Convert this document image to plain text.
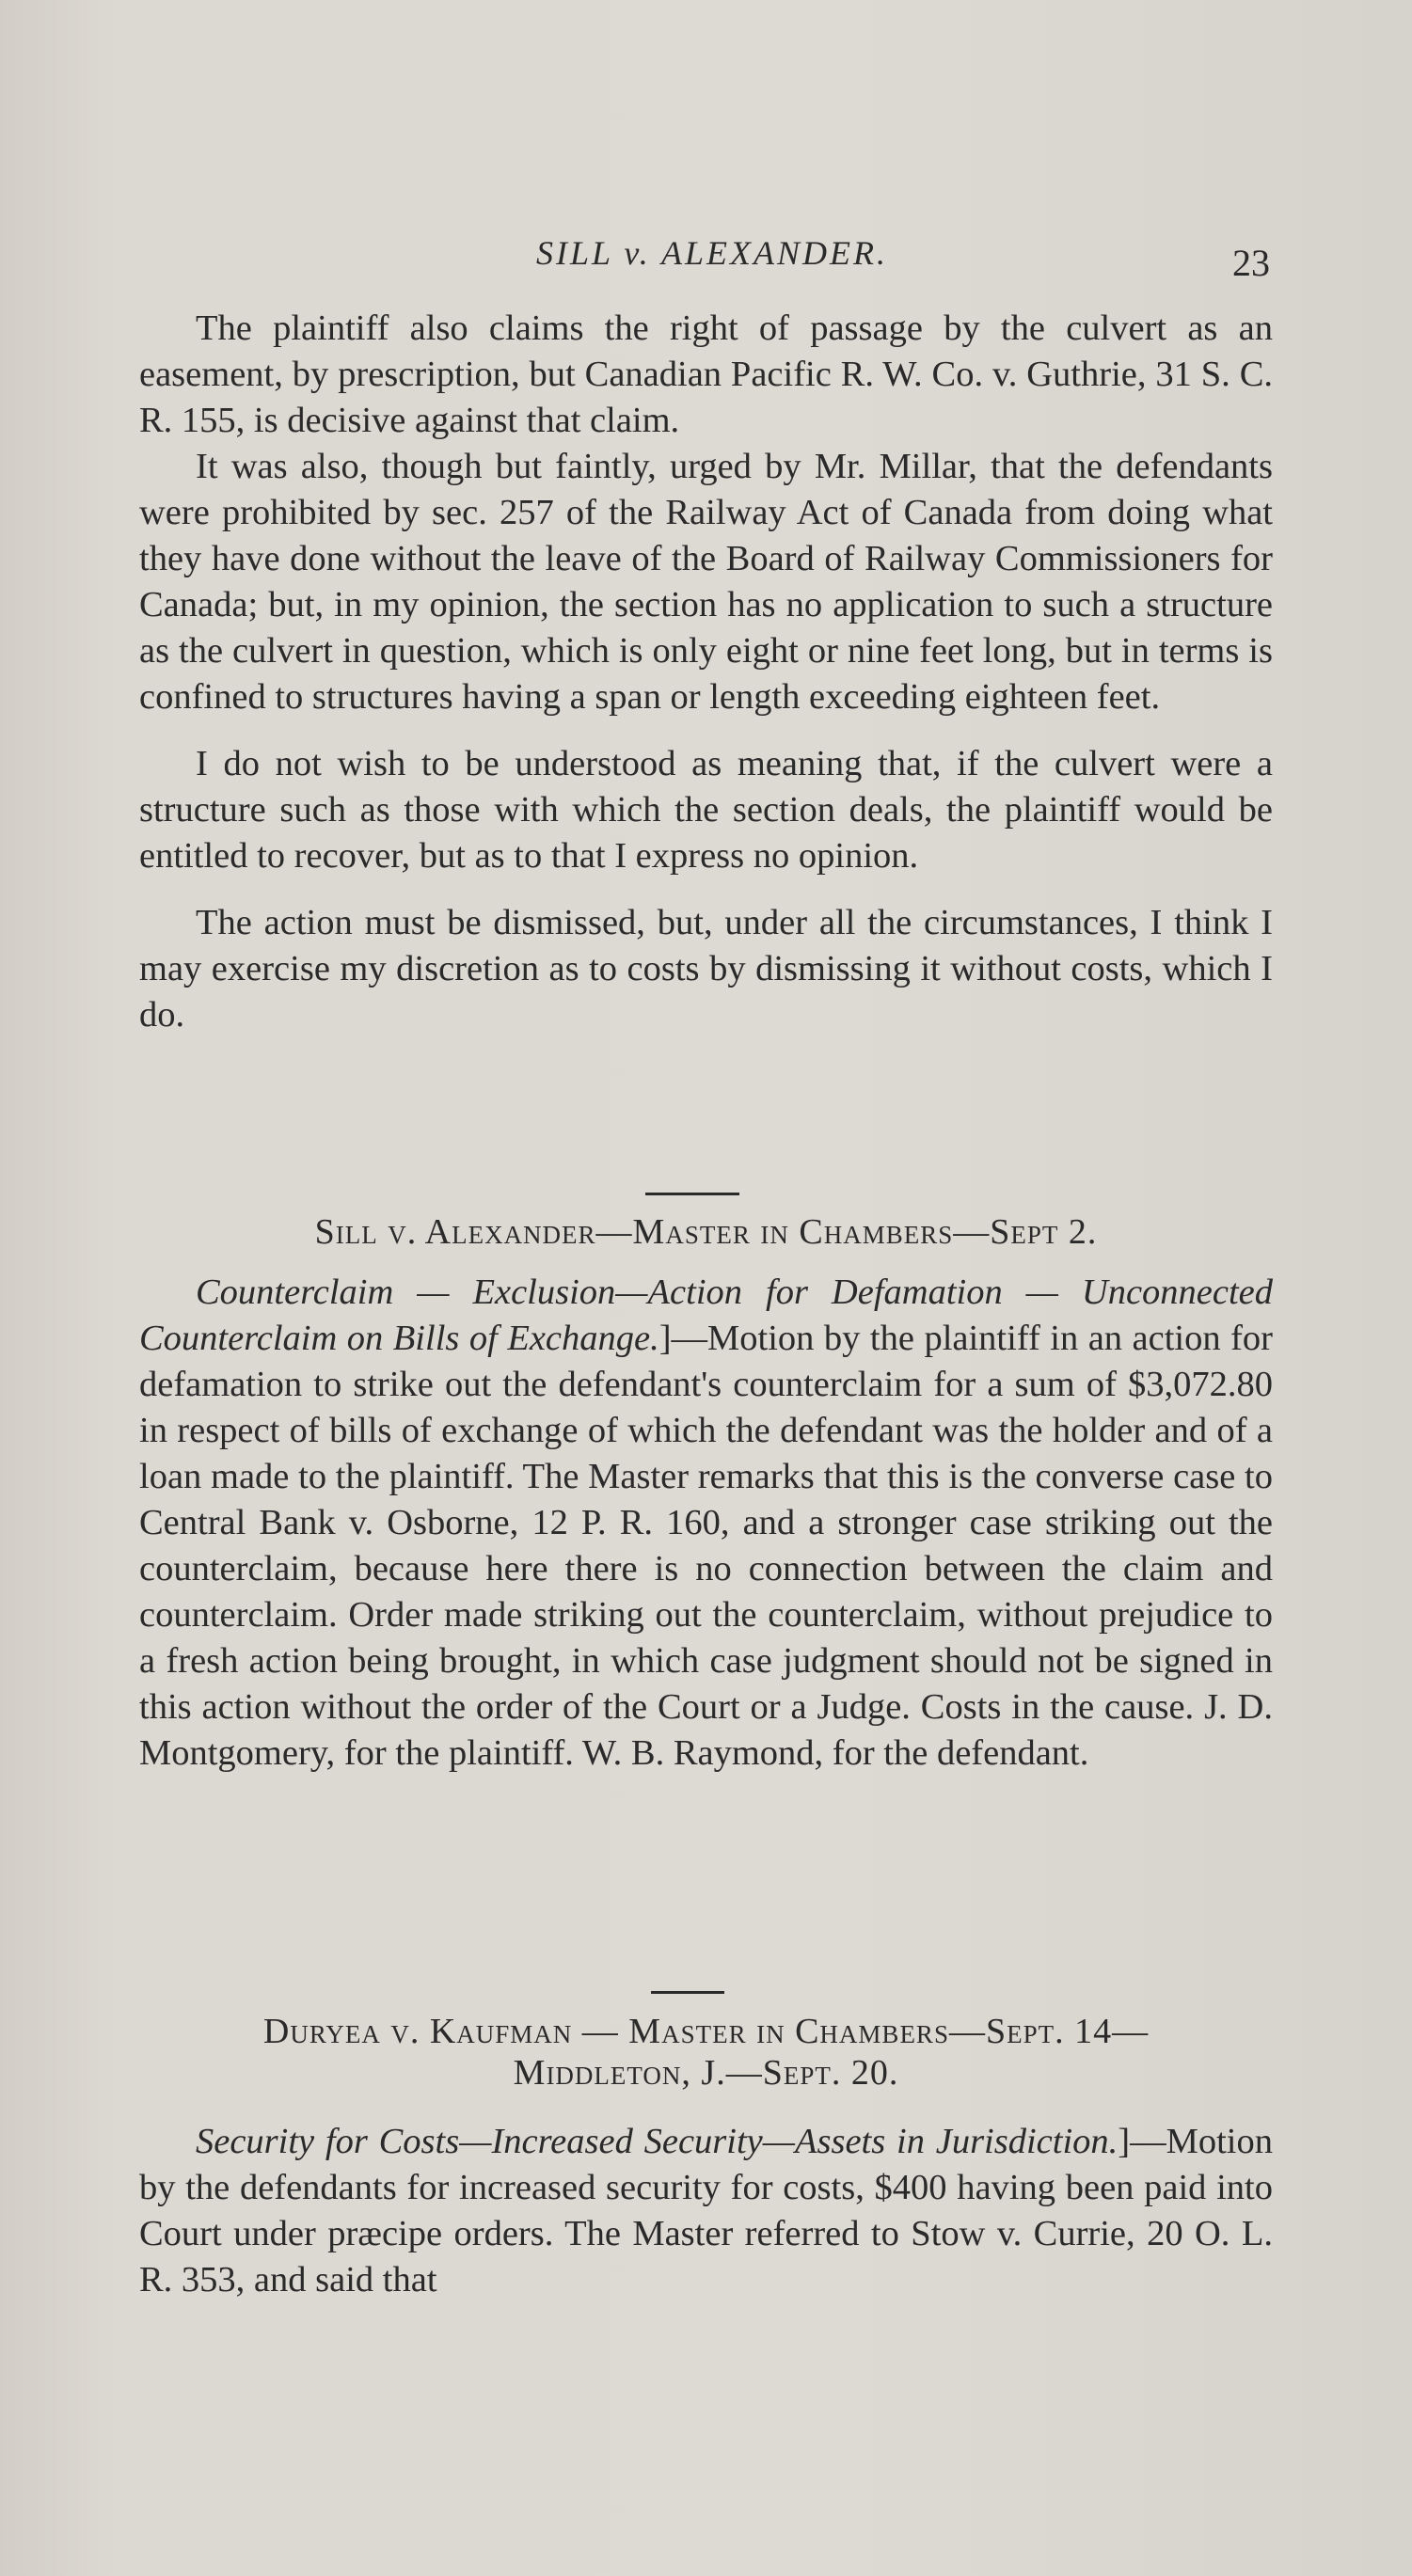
SILL v. ALEXANDER.	23

The plaintiff also claims the right of passage by the culvert as an easement, by prescription, but Canadian Pacific R. W. Co. v. Guthrie, 31 S. C. R. 155, is decisive against that claim.

It was also, though but faintly, urged by Mr. Millar, that the defendants were prohibited by sec. 257 of the Railway Act of Canada from doing what they have done without the leave of the Board of Railway Commissioners for Canada; but, in my opinion, the section has no application to such a structure as the culvert in question, which is only eight or nine feet long, but in terms is confined to structures having a span or length exceeding eighteen feet.

I do not wish to be understood as meaning that, if the culvert were a structure such as those with which the section deals, the plaintiff would be entitled to recover, but as to that I express no opinion.

The action must be dismissed, but, under all the circumstances, I think I may exercise my discretion as to costs by dismissing it without costs, which I do.

Sill v. Alexander—Master in Chambers—Sept 2.

Counterclaim — Exclusion—Action for Defamation — Unconnected Counterclaim on Bills of Exchange.]—Motion by the plaintiff in an action for defamation to strike out the defendant's counterclaim for a sum of $3,072.80 in respect of bills of exchange of which the defendant was the holder and of a loan made to the plaintiff. The Master remarks that this is the converse case to Central Bank v. Osborne, 12 P. R. 160, and a stronger case striking out the counterclaim, because here there is no connection between the claim and counterclaim. Order made striking out the counterclaim, without prejudice to a fresh action being brought, in which case judgment should not be signed in this action without the order of the Court or a Judge. Costs in the cause. J. D. Montgomery, for the plaintiff. W. B. Raymond, for the defendant.

Duryea v. Kaufman — Master in Chambers—Sept. 14—
Middleton, J.—Sept. 20.

Security for Costs—Increased Security—Assets in Jurisdiction.]—Motion by the defendants for increased security for costs, $400 having been paid into Court under præcipe orders. The Master referred to Stow v. Currie, 20 O. L. R. 353, and said that
